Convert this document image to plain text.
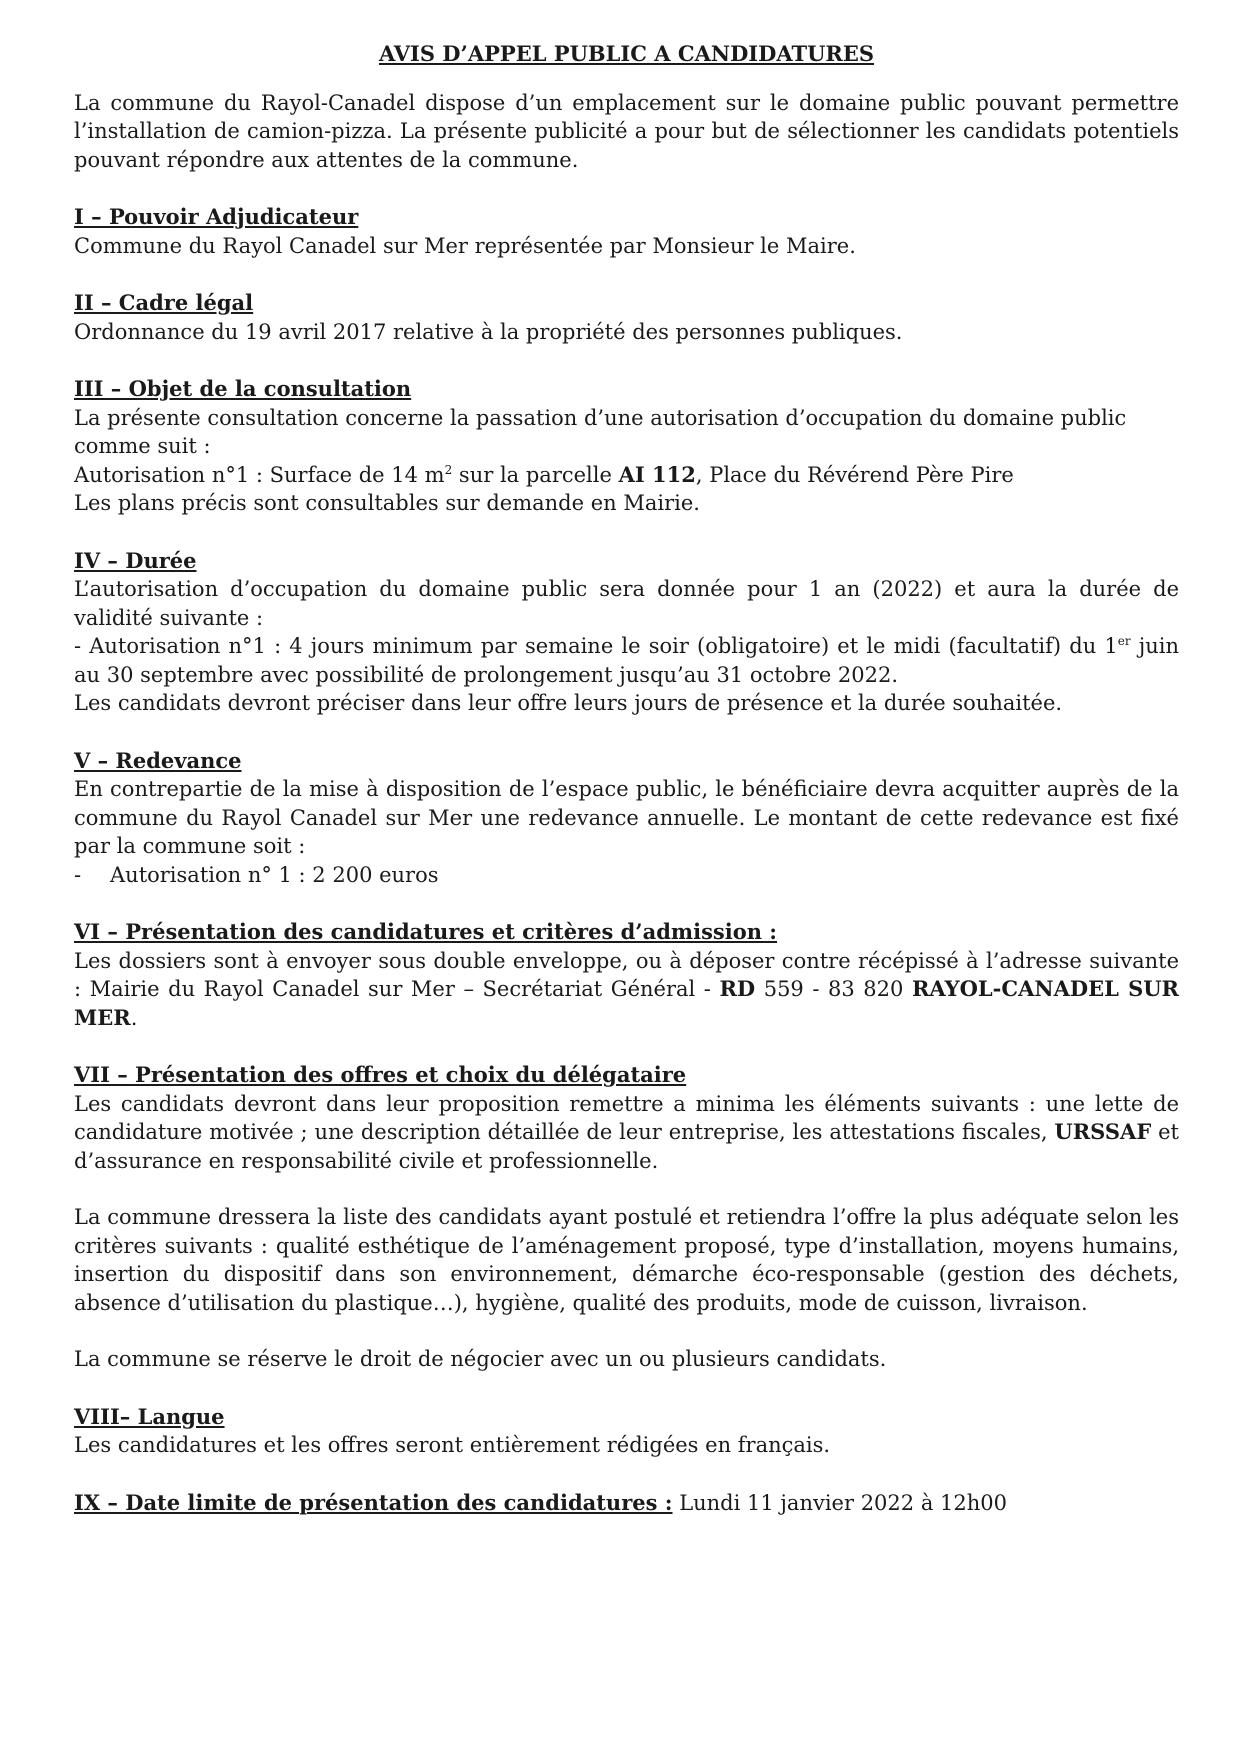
AVIS D’APPEL PUBLIC A CANDIDATURES

La commune du Rayol-Canadel dispose d’un emplacement sur le domaine public pouvant permettre l’installation de camion-pizza. La présente publicité a pour but de sélectionner les candidats potentiels pouvant répondre aux attentes de la commune.

I – Pouvoir Adjudicateur

Commune du Rayol Canadel sur Mer représentée par Monsieur le Maire.

II – Cadre légal

Ordonnance du 19 avril 2017 relative à la propriété des personnes publiques.

III – Objet de la consultation

La présente consultation concerne la passation d’une autorisation d’occupation du domaine public comme suit :

Autorisation n°1 : Surface de 14 $m^2$ sur la parcelle AI 112, Place du Révérend Père Pire

Les plans précis sont consultables sur demande en Mairie.

IV – Durée

L’autorisation d’occupation du domaine public sera donnée pour 1 an (2022) et aura la durée de validité suivante :

- Autorisation n°1 : 4 jours minimum par semaine le soir (obligatoire) et le midi (facultatif) du 1er juin au 30 septembre avec possibilité de prolongement jusqu’au 31 octobre 2022.

Les candidats devront préciser dans leur offre leurs jours de présence et la durée souhaitée.

V – Redevance

En contrepartie de la mise à disposition de l’espace public, le bénéficiaire devra acquitter auprès de la commune du Rayol Canadel sur Mer une redevance annuelle. Le montant de cette redevance est fixé par la commune soit :

-	Autorisation n° 1 : 2 200 euros

VI – Présentation des candidatures et critères d’admission :

Les dossiers sont à envoyer sous double enveloppe, ou à déposer contre récépissé à l’adresse suivante : Mairie du Rayol Canadel sur Mer – Secrétariat Général - RD 559 - 83 820 RAYOL-CANADEL SUR MER.

VII – Présentation des offres et choix du délégataire

Les candidats devront dans leur proposition remettre a minima les éléments suivants : une lette de candidature motivée ; une description détaillée de leur entreprise, les attestations fiscales, URSSAF et d’assurance en responsabilité civile et professionnelle.

La commune dressera la liste des candidats ayant postulé et retiendra l’offre la plus adéquate selon les critères suivants : qualité esthétique de l’aménagement proposé, type d’installation, moyens humains, insertion du dispositif dans son environnement, démarche éco-responsable (gestion des déchets, absence d’utilisation du plastique…), hygiène, qualité des produits, mode de cuisson, livraison.

La commune se réserve le droit de négocier avec un ou plusieurs candidats.

VIII– Langue

Les candidatures et les offres seront entièrement rédigées en français.

IX – Date limite de présentation des candidatures : Lundi 11 janvier 2022 à 12h00
